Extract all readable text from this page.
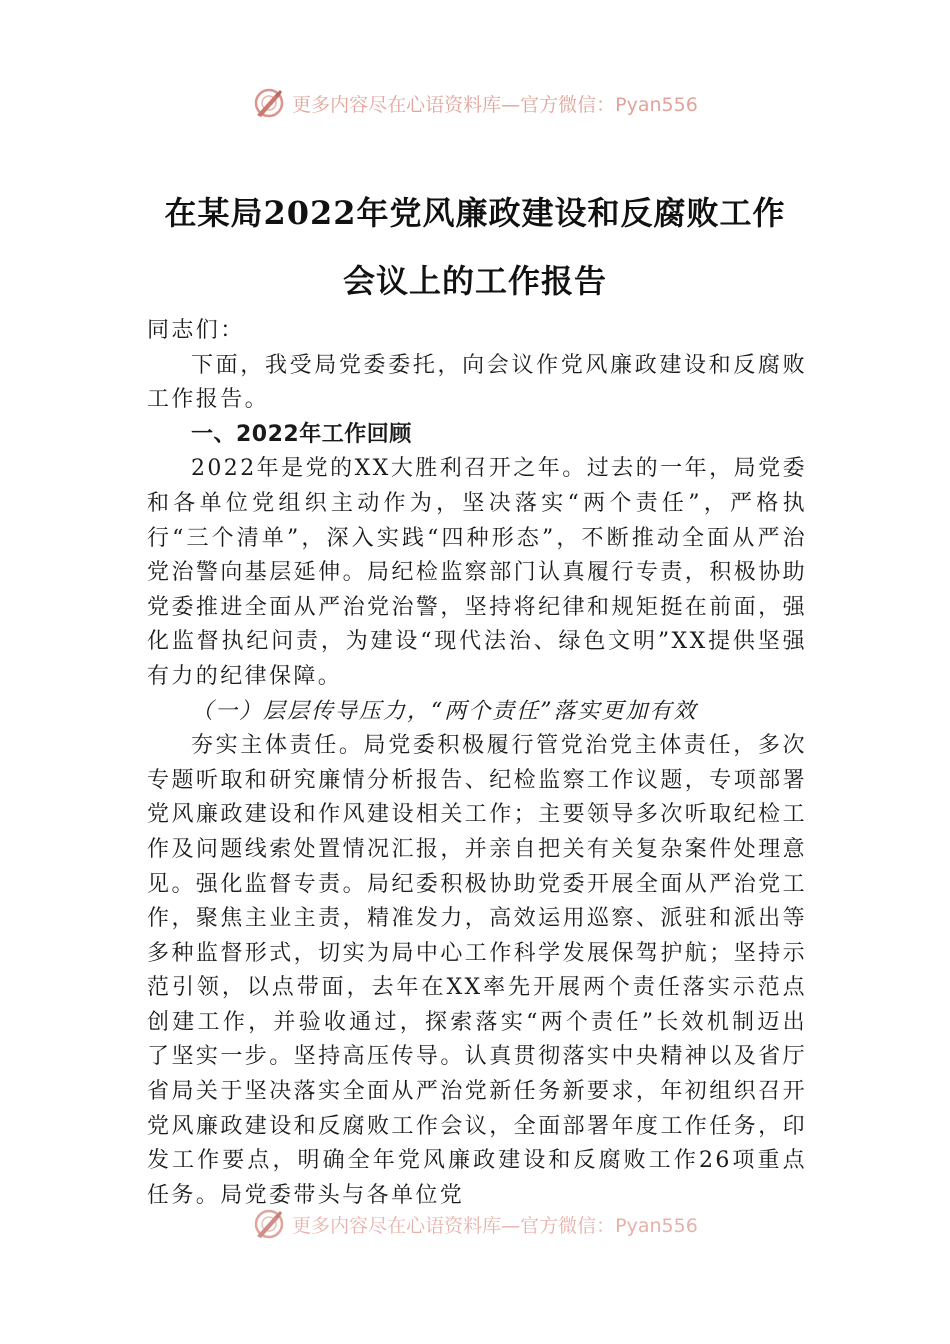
更多内容尽在心语资料库—官方微信：Pyan556
在某局2022年党风廉政建设和反腐败工作
会议上的工作报告

同志们：

下面，我受局党委委托，向会议作党风廉政建设和反腐败工作报告。

一、2022年工作回顾

2022年是党的XX大胜利召开之年。过去的一年，局党委和各单位党组织主动作为，坚决落实“两个责任”，严格执行“三个清单”，深入实践“四种形态”，不断推动全面从严治党治警向基层延伸。局纪检监察部门认真履行专责，积极协助党委推进全面从严治党治警，坚持将纪律和规矩挺在前面，强化监督执纪问责，为建设“现代法治、绿色文明”XX提供坚强有力的纪律保障。

（一）层层传导压力，“两个责任”落实更加有效

夯实主体责任。局党委积极履行管党治党主体责任，多次专题听取和研究廉情分析报告、纪检监察工作议题，专项部署党风廉政建设和作风建设相关工作；主要领导多次听取纪检工作及问题线索处置情况汇报，并亲自把关有关复杂案件处理意见。强化监督专责。局纪委积极协助党委开展全面从严治党工作，聚焦主业主责，精准发力，高效运用巡察、派驻和派出等多种监督形式，切实为局中心工作科学发展保驾护航；坚持示范引领，以点带面，去年在XX率先开展两个责任落实示范点创建工作，并验收通过，探索落实“两个责任”长效机制迈出了坚实一步。坚持高压传导。认真贯彻落实中央精神以及省厅省局关于坚决落实全面从严治党新任务新要求，年初组织召开党风廉政建设和反腐败工作会议，全面部署年度工作任务，印发工作要点，明确全年党风廉政建设和反腐败工作26项重点任务。局党委带头与各单位党

更多内容尽在心语资料库—官方微信：Pyan556
